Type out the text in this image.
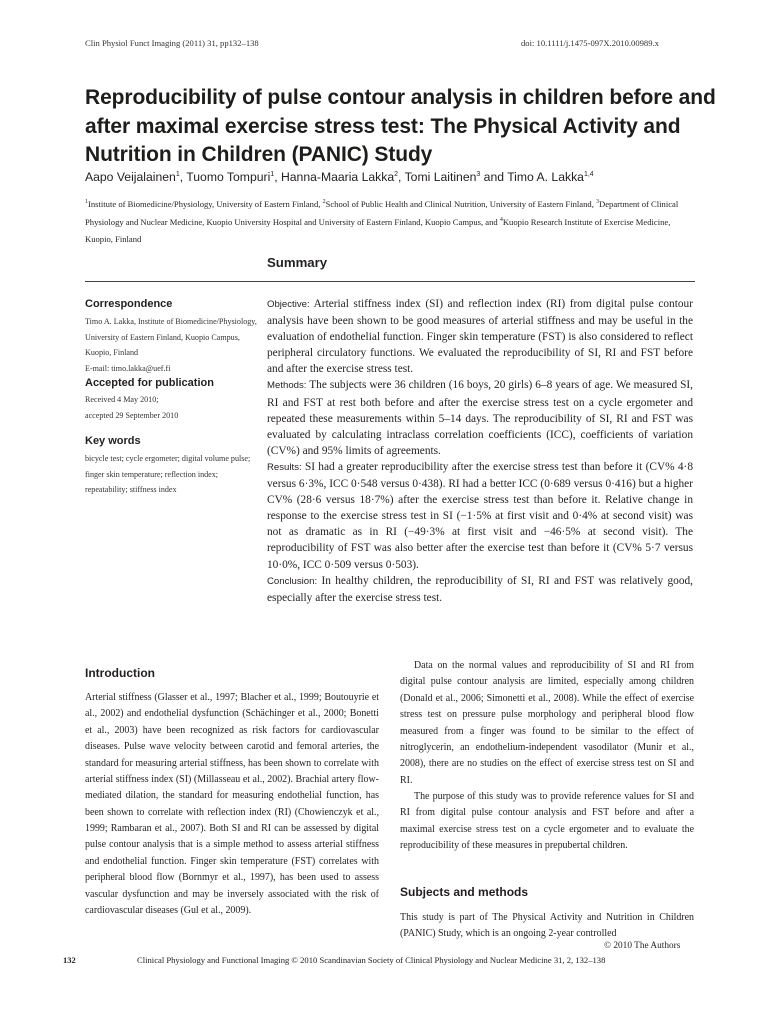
Clin Physiol Funct Imaging (2011) 31, pp132–138	doi: 10.1111/j.1475-097X.2010.00989.x
Reproducibility of pulse contour analysis in children before and after maximal exercise stress test: The Physical Activity and Nutrition in Children (PANIC) Study
Aapo Veijalainen$^1$, Tuomo Tompuri$^1$, Hanna-Maaria Lakka$^2$, Tomi Laitinen$^3$ and Timo A. Lakka$^{1,4}$
$^1$Institute of Biomedicine/Physiology, University of Eastern Finland, $^2$School of Public Health and Clinical Nutrition, University of Eastern Finland, $^3$Department of Clinical Physiology and Nuclear Medicine, Kuopio University Hospital and University of Eastern Finland, Kuopio Campus, and $^4$Kuopio Research Institute of Exercise Medicine, Kuopio, Finland
Summary
Correspondence
Timo A. Lakka, Institute of Biomedicine/Physiology, University of Eastern Finland, Kuopio Campus, Kuopio, Finland
E-mail: timo.lakka@uef.fi
Accepted for publication
Received 4 May 2010;
accepted 29 September 2010
Key words
bicycle test; cycle ergometer; digital volume pulse; finger skin temperature; reflection index; repeatability; stiffness index

Objective: Arterial stiffness index (SI) and reflection index (RI) from digital pulse contour analysis have been shown to be good measures of arterial stiffness and may be useful in the evaluation of endothelial function. Finger skin temperature (FST) is also considered to reflect peripheral circulatory functions. We evaluated the reproducibility of SI, RI and FST before and after the exercise stress test.

Methods: The subjects were 36 children (16 boys, 20 girls) 6–8 years of age. We measured SI, RI and FST at rest both before and after the exercise stress test on a cycle ergometer and repeated these measurements within 5–14 days. The reproducibility of SI, RI and FST was evaluated by calculating intraclass correlation coefficients (ICC), coefficients of variation (CV%) and 95% limits of agreements.

Results: SI had a greater reproducibility after the exercise stress test than before it (CV% 4·8 versus 6·3%, ICC 0·548 versus 0·438). RI had a better ICC (0·689 versus 0·416) but a higher CV% (28·6 versus 18·7%) after the exercise stress test than before it. Relative change in response to the exercise stress test in SI (−1·5% at first visit and 0·4% at second visit) was not as dramatic as in RI (−49·3% at first visit and −46·5% at second visit). The reproducibility of FST was also better after the exercise test than before it (CV% 5·7 versus 10·0%, ICC 0·509 versus 0·503).

Conclusion: In healthy children, the reproducibility of SI, RI and FST was relatively good, especially after the exercise stress test.

Introduction

Arterial stiffness (Glasser et al., 1997; Blacher et al., 1999; Boutouyrie et al., 2002) and endothelial dysfunction (Schächinger et al., 2000; Bonetti et al., 2003) have been recognized as risk factors for cardiovascular diseases. Pulse wave velocity between carotid and femoral arteries, the standard for measuring arterial stiffness, has been shown to correlate with arterial stiffness index (SI) (Millasseau et al., 2002). Brachial artery flow-mediated dilation, the standard for measuring endothelial function, has been shown to correlate with reflection index (RI) (Chowienczyk et al., 1999; Rambaran et al., 2007). Both SI and RI can be assessed by digital pulse contour analysis that is a simple method to assess arterial stiffness and endothelial function. Finger skin temperature (FST) correlates with peripheral blood flow (Bornmyr et al., 1997), has been used to assess vascular dysfunction and may be inversely associated with the risk of cardiovascular diseases (Gul et al., 2009).

Data on the normal values and reproducibility of SI and RI from digital pulse contour analysis are limited, especially among children (Donald et al., 2006; Simonetti et al., 2008). While the effect of exercise stress test on pressure pulse morphology and peripheral blood flow measured from a finger was found to be similar to the effect of nitroglycerin, an endothelium-independent vasodilator (Munir et al., 2008), there are no studies on the effect of exercise stress test on SI and RI.

The purpose of this study was to provide reference values for SI and RI from digital pulse contour analysis and FST before and after a maximal exercise stress test on a cycle ergometer and to evaluate the reproducibility of these measures in prepubertal children.

Subjects and methods

This study is part of The Physical Activity and Nutrition in Children (PANIC) Study, which is an ongoing 2-year controlled

© 2010 The Authors
132	Clinical Physiology and Functional Imaging © 2010 Scandinavian Society of Clinical Physiology and Nuclear Medicine 31, 2, 132–138
